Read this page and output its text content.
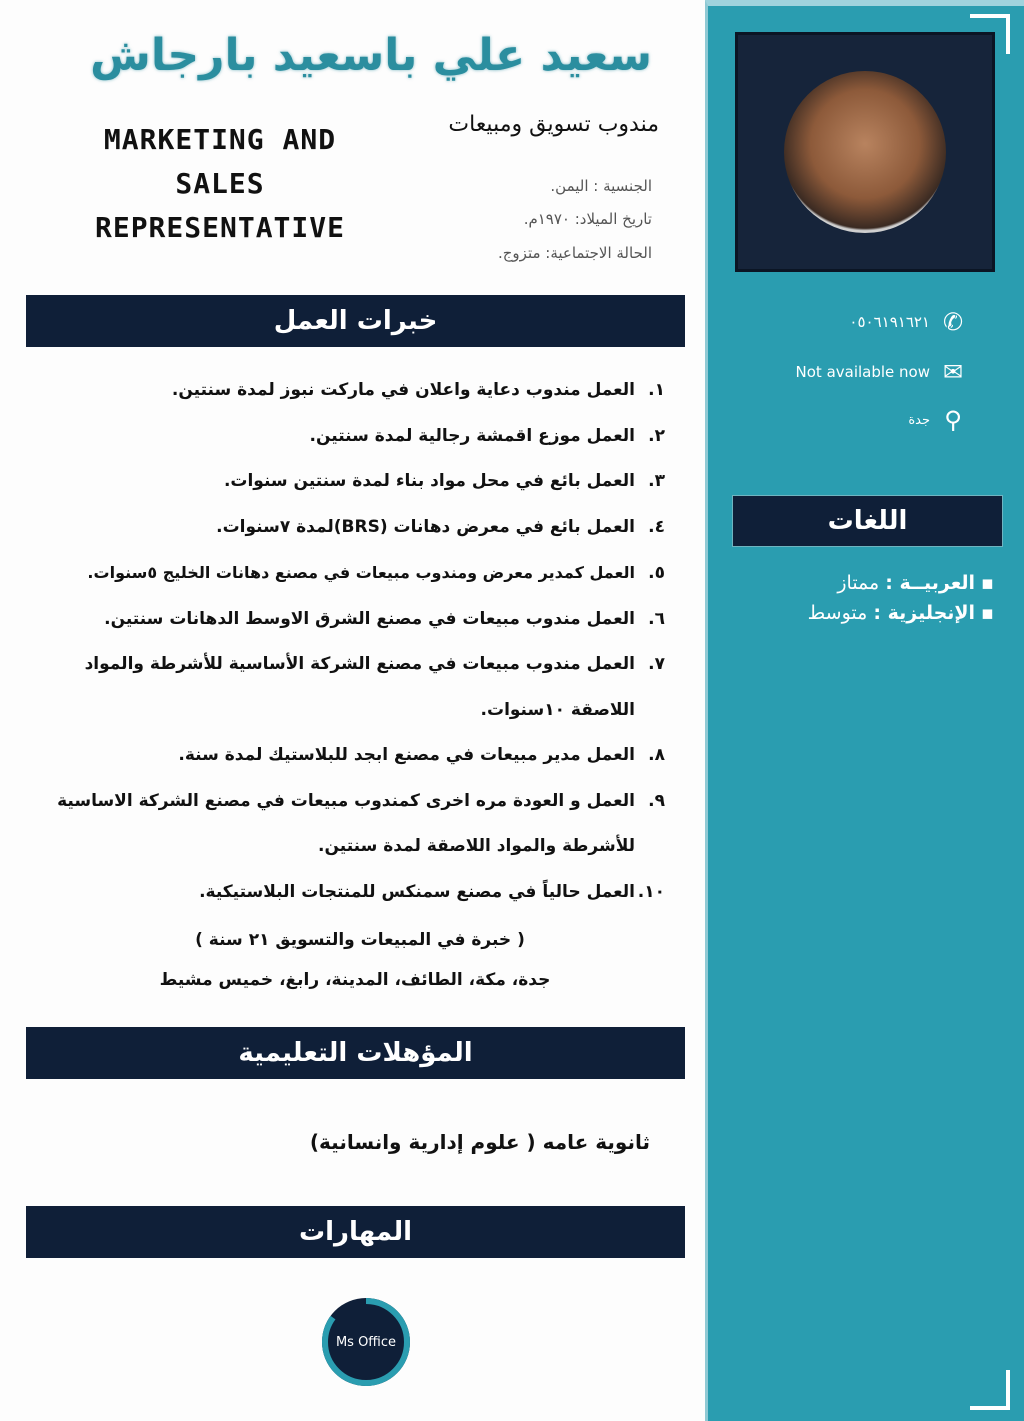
سعيد علي باسعيد بارجاش
MARKETING AND SALES REPRESENTATIVE
مندوب تسويق ومبيعات
الجنسية : اليمن.
تاريخ الميلاد: ١٩٧٠م.
الحالة الاجتماعية: متزوج.
خبرات العمل
١.العمل مندوب دعاية واعلان في ماركت نبوز لمدة سنتين.
٢.العمل موزع اقمشة رجالية لمدة سنتين.
٣.العمل بائع في محل مواد بناء لمدة سنتين سنوات.
٤.العمل بائع في معرض دهانات (BRS)لمدة ٧سنوات.
٥.العمل كمدير معرض ومندوب مبيعات في مصنع دهانات الخليج ٥سنوات.
٦.العمل مندوب مبيعات في مصنع الشرق الاوسط الدهانات سنتين.
٧.
العمل مندوب مبيعات في مصنع الشركة الأساسية للأشرطة والمواد اللاصقة ١٠سنوات.
٨.العمل مدير مبيعات في مصنع ابجد للبلاستيك لمدة سنة.
٩.
العمل و العودة مره اخرى كمندوب مبيعات في مصنع الشركة الاساسية للأشرطة والمواد اللاصقة لمدة سنتين.
١٠.العمل حالياً في مصنع سمنكس للمنتجات البلاستيكية.
( خبرة في المبيعات والتسويق ٢١ سنة )
جدة، مكة، الطائف، المدينة، رابغ، خميس مشيط
المؤهلات التعليمية
ثانوية عامه ( علوم إدارية وانسانية)
المهارات
Ms Office
✆
٠٥٠٦١٩١٦٢١
✉
Not available now
⚲
جدة
اللغات
▪ العربيــة : ممتاز
▪ الإنجليزية : متوسط
